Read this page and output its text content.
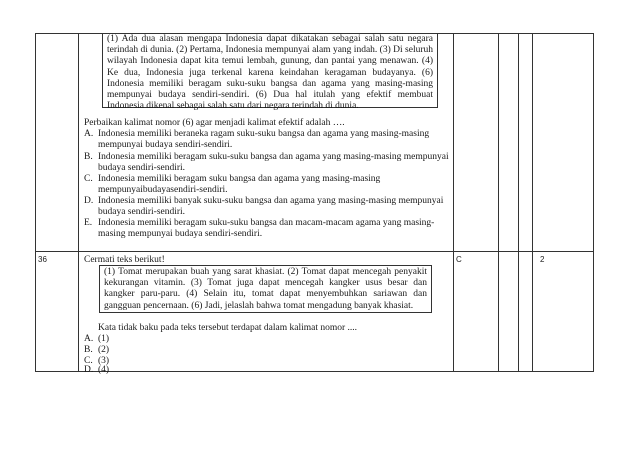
(1) Ada dua alasan mengapa Indonesia dapat dikatakan sebagai salah satu negara terindah di dunia. (2) Pertama, Indonesia mempunyai alam yang indah. (3) Di seluruh wilayah Indonesia dapat kita temui lembah, gunung, dan pantai yang menawan. (4) Ke dua, Indonesia juga terkenal karena keindahan keragaman budayanya. (6) Indonesia memiliki beragam suku-suku bangsa dan agama yang masing-masing mempunyai budaya sendiri-sendiri. (6) Dua hal itulah yang efektif membuat Indonesia dikenal sebagai salah satu dari negara terindah di dunia.

Perbaikan kalimat nomor (6) agar menjadi kalimat efektif adalah ….
A. Indonesia memiliki beraneka ragam suku-suku bangsa dan agama yang masing-masing mempunyai budaya sendiri-sendiri.
B. Indonesia memiliki beragam suku-suku bangsa dan agama yang masing-masing mempunyai budaya sendiri-sendiri.
C. Indonesia memiliki beragam suku bangsa dan agama yang masing-masing mempunyaibudayasendiri-sendiri.
D. Indonesia memiliki banyak suku-suku bangsa dan agama yang masing-masing mempunyai budaya sendiri-sendiri.
E. Indonesia memiliki beragam suku-suku bangsa dan macam-macam agama yang masing-masing mempunyai budaya sendiri-sendiri.
36	Cermati teks berikut!

(1) Tomat merupakan buah yang sarat khasiat. (2) Tomat dapat mencegah penyakit kekurangan vitamin. (3) Tomat juga dapat mencegah kangker usus besar dan kangker paru-paru. (4) Selain itu, tomat dapat menyembuhkan sariawan dan gangguan pencernaan. (6) Jadi, jelaslah bahwa tomat mengadung banyak khasiat.

Kata tidak baku pada teks tersebut terdapat dalam kalimat nomor ....
A. (1)
B. (2)
C. (3)
D. (4)
C	2
